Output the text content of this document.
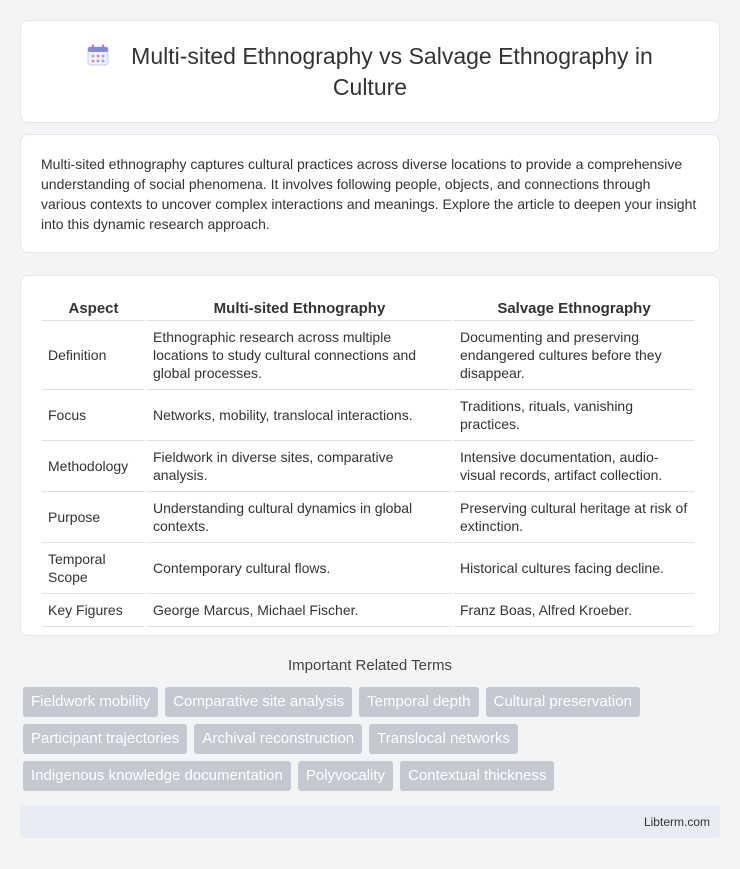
Multi-sited Ethnography vs Salvage Ethnography in Culture

Multi-sited ethnography captures cultural practices across diverse locations to provide a comprehensive understanding of social phenomena. It involves following people, objects, and connections through various contexts to uncover complex interactions and meanings. Explore the article to deepen your insight into this dynamic research approach.

Aspect	Multi-sited Ethnography	Salvage Ethnography
Definition	Ethnographic research across multiple locations to study cultural connections and global processes.	Documenting and preserving endangered cultures before they disappear.
Focus	Networks, mobility, translocal interactions.	Traditions, rituals, vanishing practices.
Methodology	Fieldwork in diverse sites, comparative analysis.	Intensive documentation, audio-visual records, artifact collection.
Purpose	Understanding cultural dynamics in global contexts.	Preserving cultural heritage at risk of extinction.
Temporal Scope	Contemporary cultural flows.	Historical cultures facing decline.
Key Figures	George Marcus, Michael Fischer.	Franz Boas, Alfred Kroeber.
Important Related Terms
Fieldwork mobility	Comparative site analysis	Temporal depth	Cultural preservation
Participant trajectories	Archival reconstruction	Translocal networks
Indigenous knowledge documentation	Polyvocality	Contextual thickness
Libterm.com
